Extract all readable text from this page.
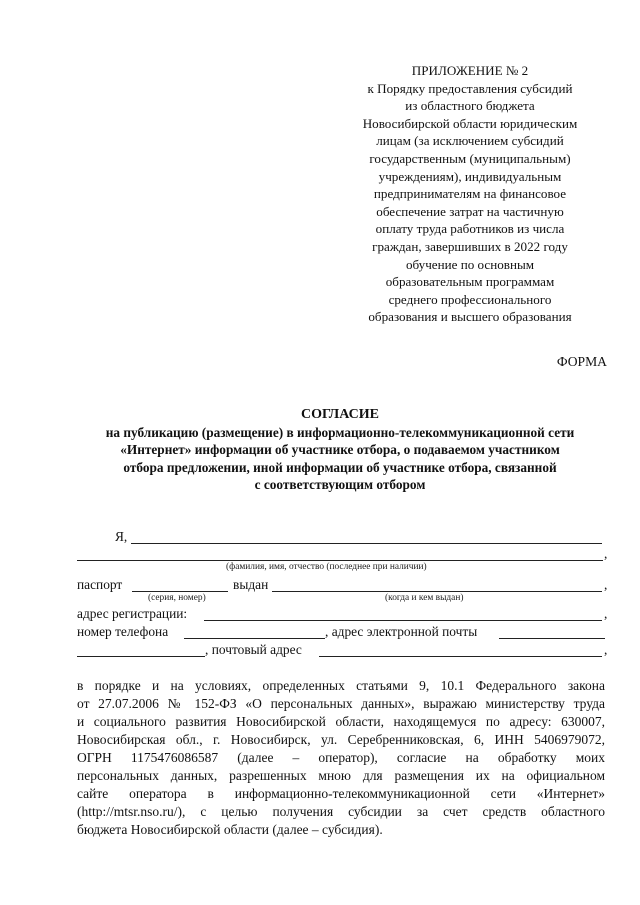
ПРИЛОЖЕНИЕ № 2
к Порядку предоставления субсидий
из областного бюджета
Новосибирской области юридическим
лицам (за исключением субсидий
государственным (муниципальным)
учреждениям), индивидуальным
предпринимателям на финансовое
обеспечение затрат на частичную
оплату труда работников из числа
граждан, завершивших в 2022 году
обучение по основным
образовательным программам
среднего профессионального
образования и высшего образования
ФОРМА
СОГЛАСИЕ
на публикацию (размещение) в информационно-телекоммуникационной сети
«Интернет» информации об участнике отбора, о подаваемом участником
отбора предложении, иной информации об участнике отбора, связанной
с соответствующим отбором
Я,
,
(фамилия, имя, отчество (последнее при наличии)
паспорт	выдан	,
(серия, номер)	(когда и кем выдан)
адрес регистрации:	,
номер телефона	, адрес электронной почты
, почтовый адрес	,
в порядке и на условиях, определенных статьями 9, 10.1 Федерального закона
от 27.07.2006 № 152-ФЗ «О персональных данных», выражаю министерству труда
и социального развития Новосибирской области, находящемуся по адресу: 630007,
Новосибирская обл., г. Новосибирск, ул. Серебренниковская, 6, ИНН 5406979072,
ОГРН 1175476086587 (далее – оператор), согласие на обработку моих
персональных данных, разрешенных мною для размещения их на официальном
сайте оператора в информационно-телекоммуникационной сети «Интернет»
(http://mtsr.nso.ru/), с целью получения субсидии за счет средств областного
бюджета Новосибирской области (далее – субсидия).
